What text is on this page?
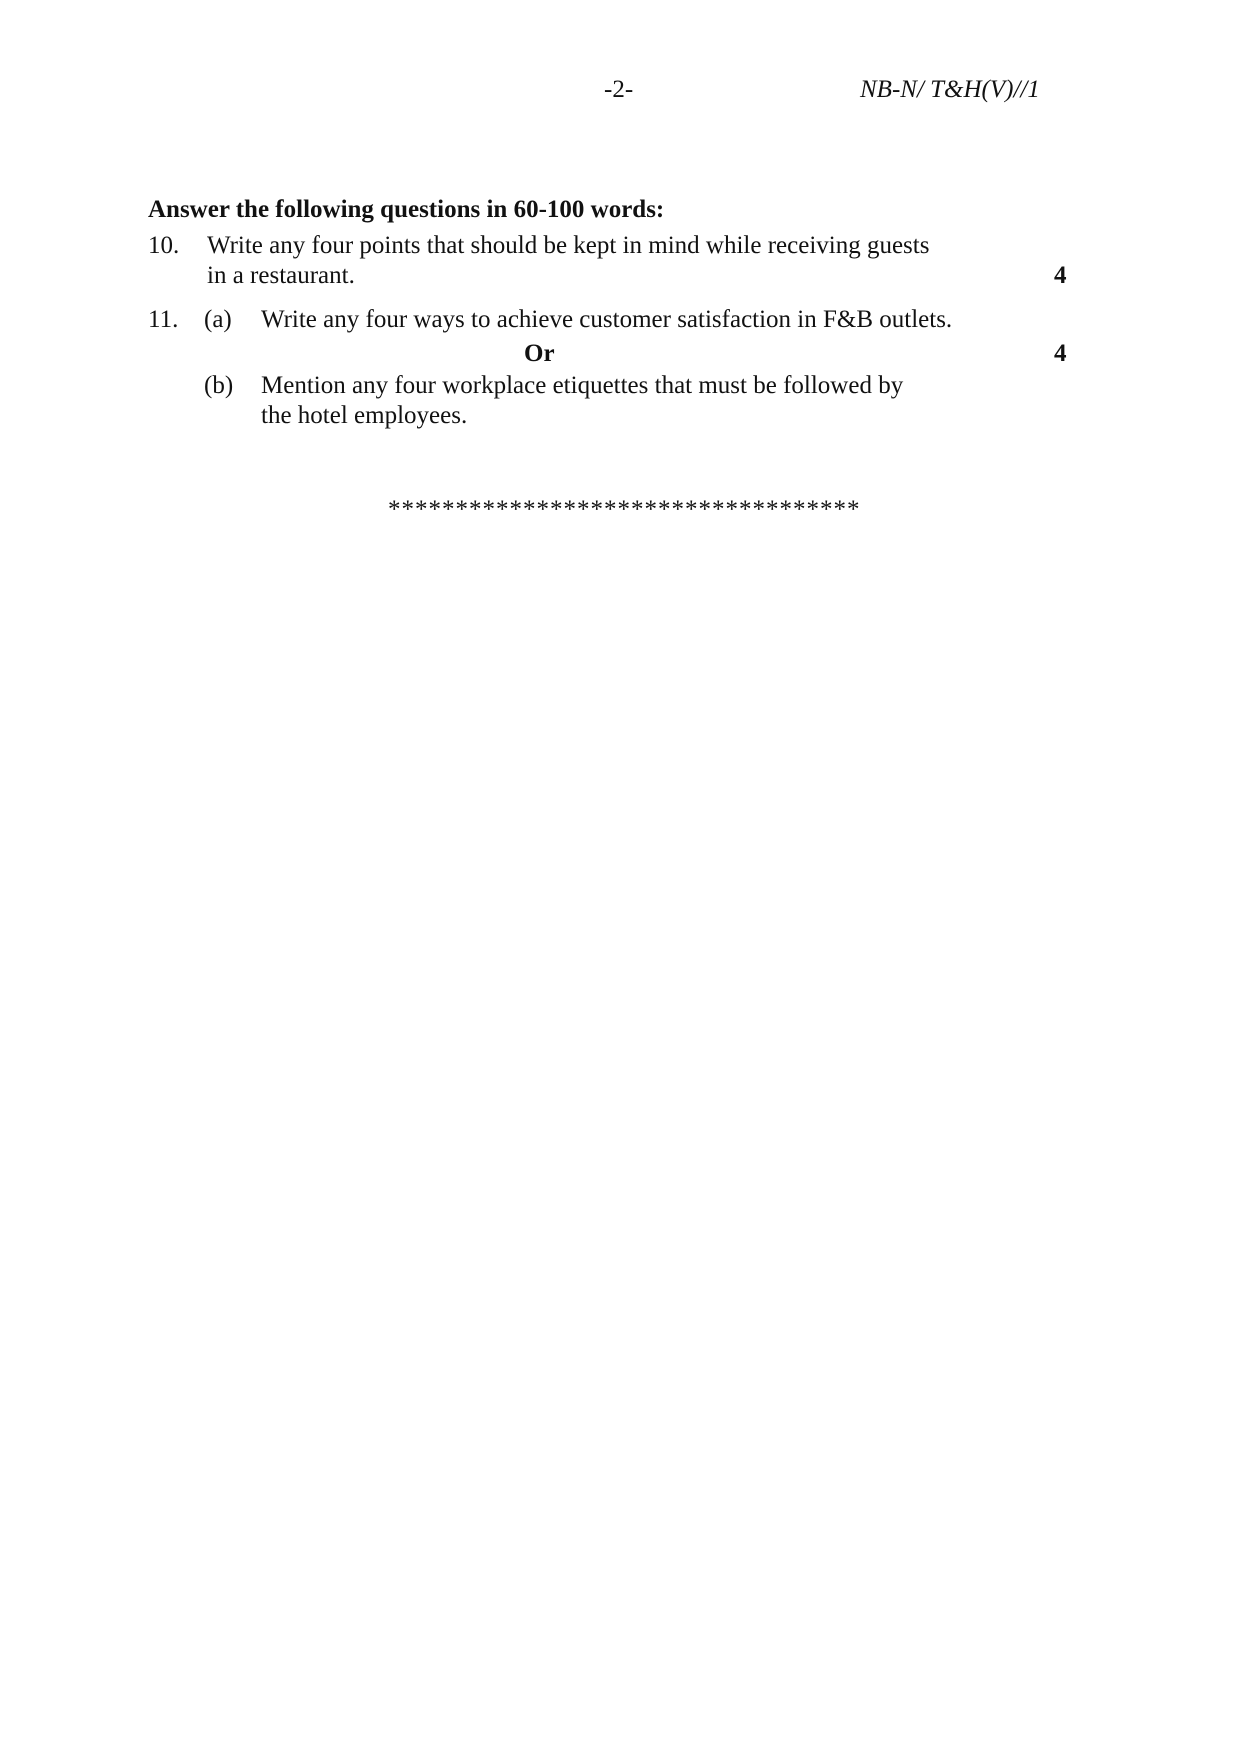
-2-	NB-N/ T&H(V)//1
Answer the following questions in 60-100 words:
10. Write any four points that should be kept in mind while receiving guests
in a restaurant.	4
11. (a) Write any four ways to achieve customer satisfaction in F&B outlets.
Or	4
(b) Mention any four workplace etiquettes that must be followed by
the hotel employees.
***********************************
